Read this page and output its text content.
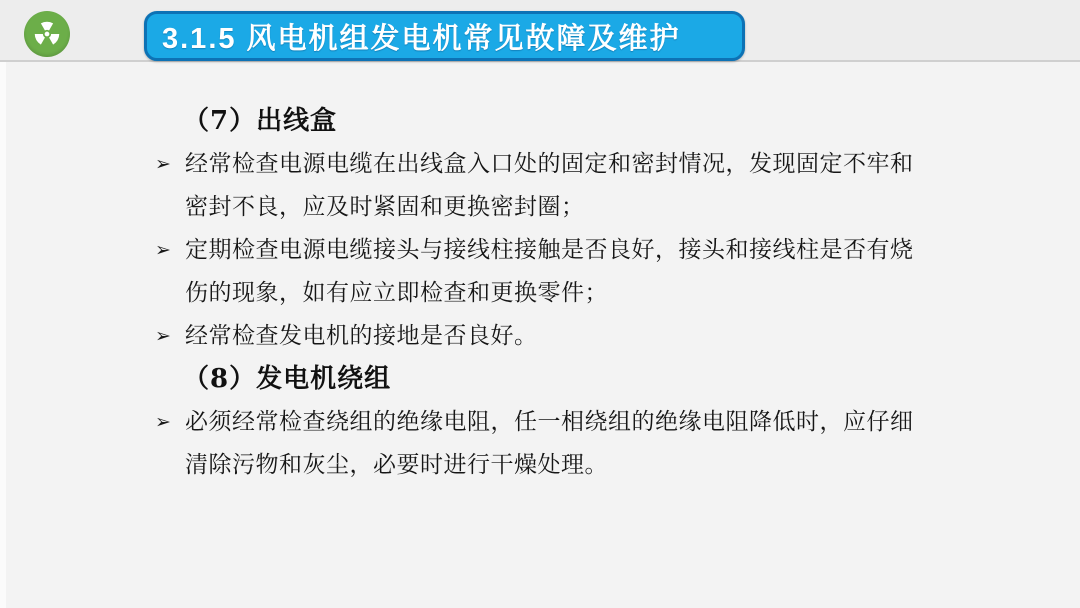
3.1.5 风电机组发电机常见故障及维护
（7）出线盒
➢ 经常检查电源电缆在出线盒入口处的固定和密封情况，发现固定不牢和
密封不良，应及时紧固和更换密封圈；
➢ 定期检查电源电缆接头与接线柱接触是否良好，接头和接线柱是否有烧
伤的现象，如有应立即检查和更换零件；
➢ 经常检查发电机的接地是否良好。
（8）发电机绕组
➢ 必须经常检查绕组的绝缘电阻，任一相绕组的绝缘电阻降低时，应仔细
清除污物和灰尘，必要时进行干燥处理。
